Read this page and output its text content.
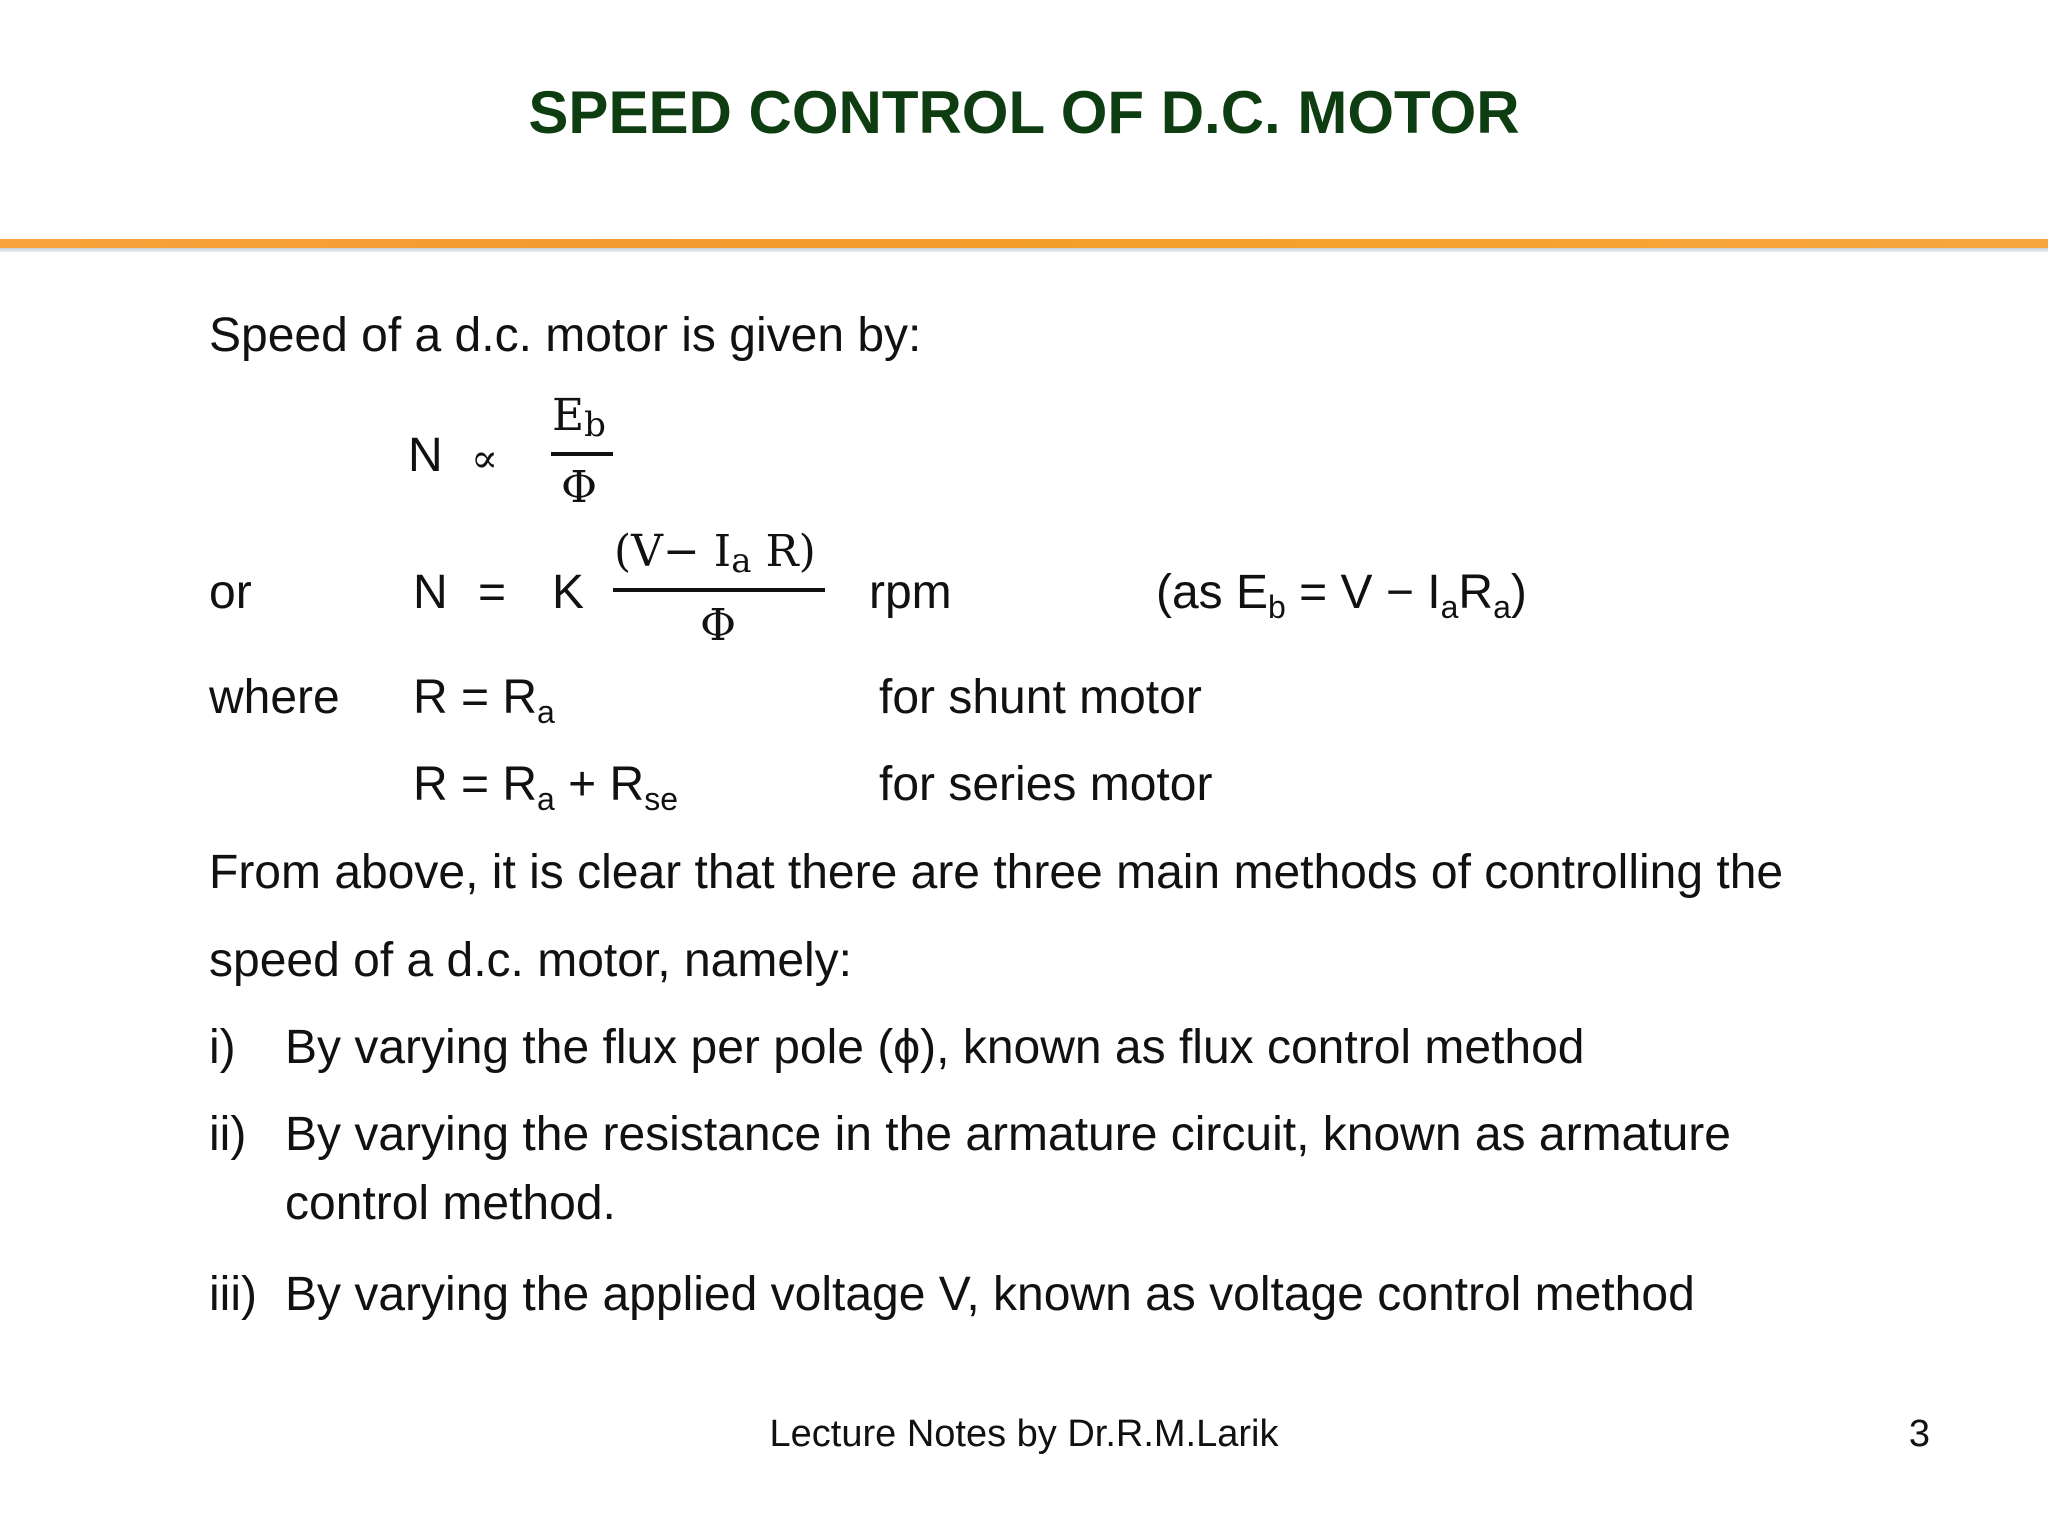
SPEED CONTROL OF D.C. MOTOR
Speed of a d.c. motor is given by:
N ∝
$E_b$
Φ
or	N = K
($V- I_a$ R)
Φ
rpm	(as $E_b = V - I_aR_a$)
where $R = R_a$	for shunt motor
$R = R_a + R_{se}$	for series motor
From above, it is clear that there are three main methods of controlling the
speed of a d.c. motor, namely:
i) By varying the flux per pole (ϕ), known as flux control method
ii) By varying the resistance in the armature circuit, known as armature
control method.
iii) By varying the applied voltage V, known as voltage control method
Lecture Notes by Dr.R.M.Larik	3
